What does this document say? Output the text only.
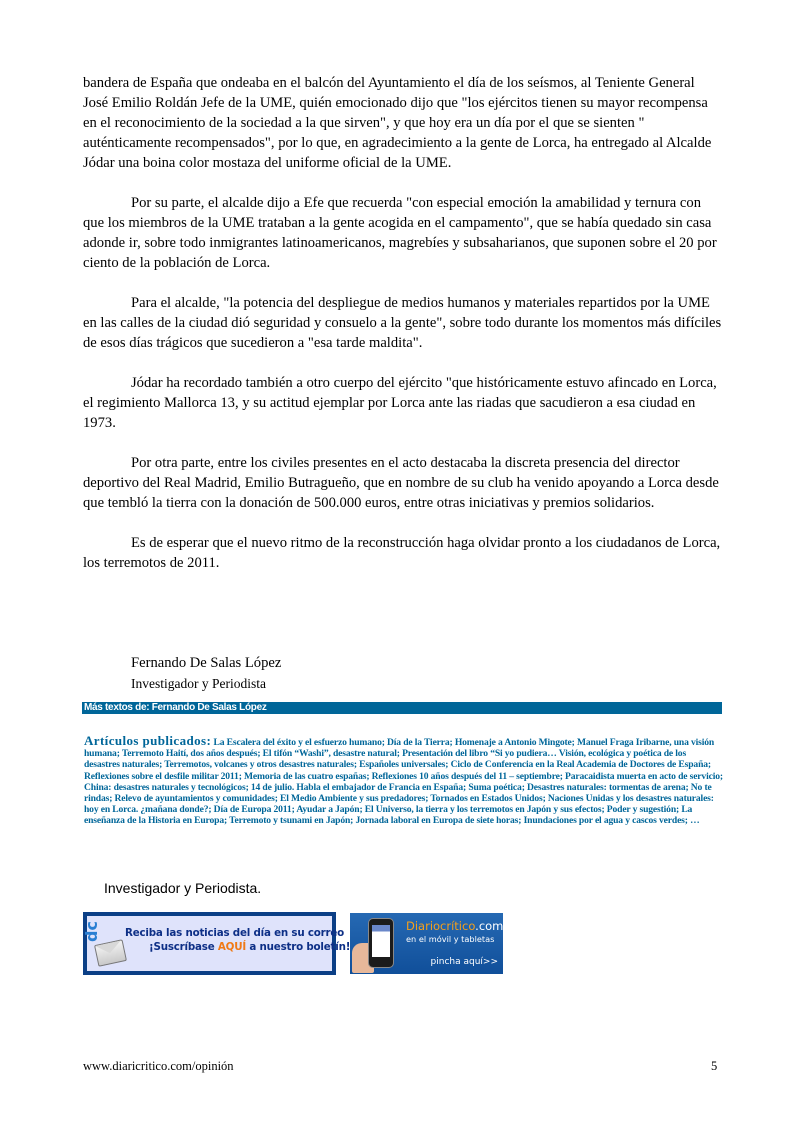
bandera de España que ondeaba en el balcón del Ayuntamiento el día de los seísmos, al Teniente General José Emilio Roldán Jefe de la UME, quién emocionado dijo que "los ejércitos tienen su mayor recompensa en el reconocimiento de la sociedad a la que sirven", y que hoy era un día por el que se sienten " auténticamente recompensados", por lo que, en agradecimiento a la gente de Lorca, ha entregado al Alcalde Jódar una boina color mostaza del uniforme oficial de la UME.

Por su parte, el alcalde dijo a Efe que recuerda "con especial emoción la amabilidad y ternura con que los miembros de la UME trataban a la gente acogida en el campamento", que se había quedado sin casa adonde ir, sobre todo inmigrantes latinoamericanos, magrebíes y subsaharianos, que suponen sobre el 20 por ciento de la población de Lorca.

Para el alcalde, "la potencia del despliegue de medios humanos y materiales repartidos por la UME en las calles de la ciudad dió seguridad y consuelo a la gente", sobre todo durante los momentos más difíciles de esos días trágicos que sucedieron a "esa tarde maldita".

Jódar ha recordado también a otro cuerpo del ejército "que históricamente estuvo afincado en Lorca, el regimiento Mallorca 13, y su actitud ejemplar por Lorca ante las riadas que sacudieron a esa ciudad en 1973.

Por otra parte, entre los civiles presentes en el acto destacaba la discreta presencia del director deportivo del Real Madrid, Emilio Butragueño, que en nombre de su club ha venido apoyando a Lorca desde que tembló la tierra con la donación de 500.000 euros, entre otras iniciativas y premios solidarios.

Es de esperar que el nuevo ritmo de la reconstrucción haga olvidar pronto a los ciudadanos de Lorca, los terremotos de 2011.

Fernando De Salas López
Investigador y Periodista
Más textos de: Fernando De Salas López
Artículos publicados: La Escalera del éxito y el esfuerzo humano; Día de la Tierra; Homenaje a Antonio Mingote; Manuel Fraga Iribarne, una visión humana; Terremoto Haití, dos años después; El tifón “Washi”, desastre natural; Presentación del libro “Si yo pudiera… Visión, ecológica y poética de los desastres naturales; Terremotos, volcanes y otros desastres naturales; Españoles universales; Ciclo de Conferencia en la Real Academia de Doctores de España; Reflexiones sobre el desfile militar 2011; Memoria de las cuatro españas; Reflexiones 10 años después del 11 – septiembre; Paracaidista muerta en acto de servicio; China: desastres naturales y tecnológicos; 14 de julio. Habla el embajador de Francia en España; Suma poética; Desastres naturales: tormentas de arena; No te rindas; Relevo de ayuntamientos y comunidades; El Medio Ambiente y sus predadores; Tornados en Estados Unidos; Naciones Unidas y los desastres naturales: hoy en Lorca. ¿mañana donde?; Día de Europa 2011; Ayudar a Japón; El Universo, la tierra y los terremotos en Japón y sus efectos; Poder y sugestión; La enseñanza de la Historia en Europa; Terremoto y tsunami en Japón; Jornada laboral en Europa de siete horas; Inundaciones por el agua y cascos verdes; …
Investigador y Periodista.
dc	Reciba las noticias del día en su correo
¡Suscríbase AQUÍ a nuestro boletín!
Diariocrítico.com
en el móvil y tabletas
pincha aquí>>
www.diaricritico.com/opinión	5
